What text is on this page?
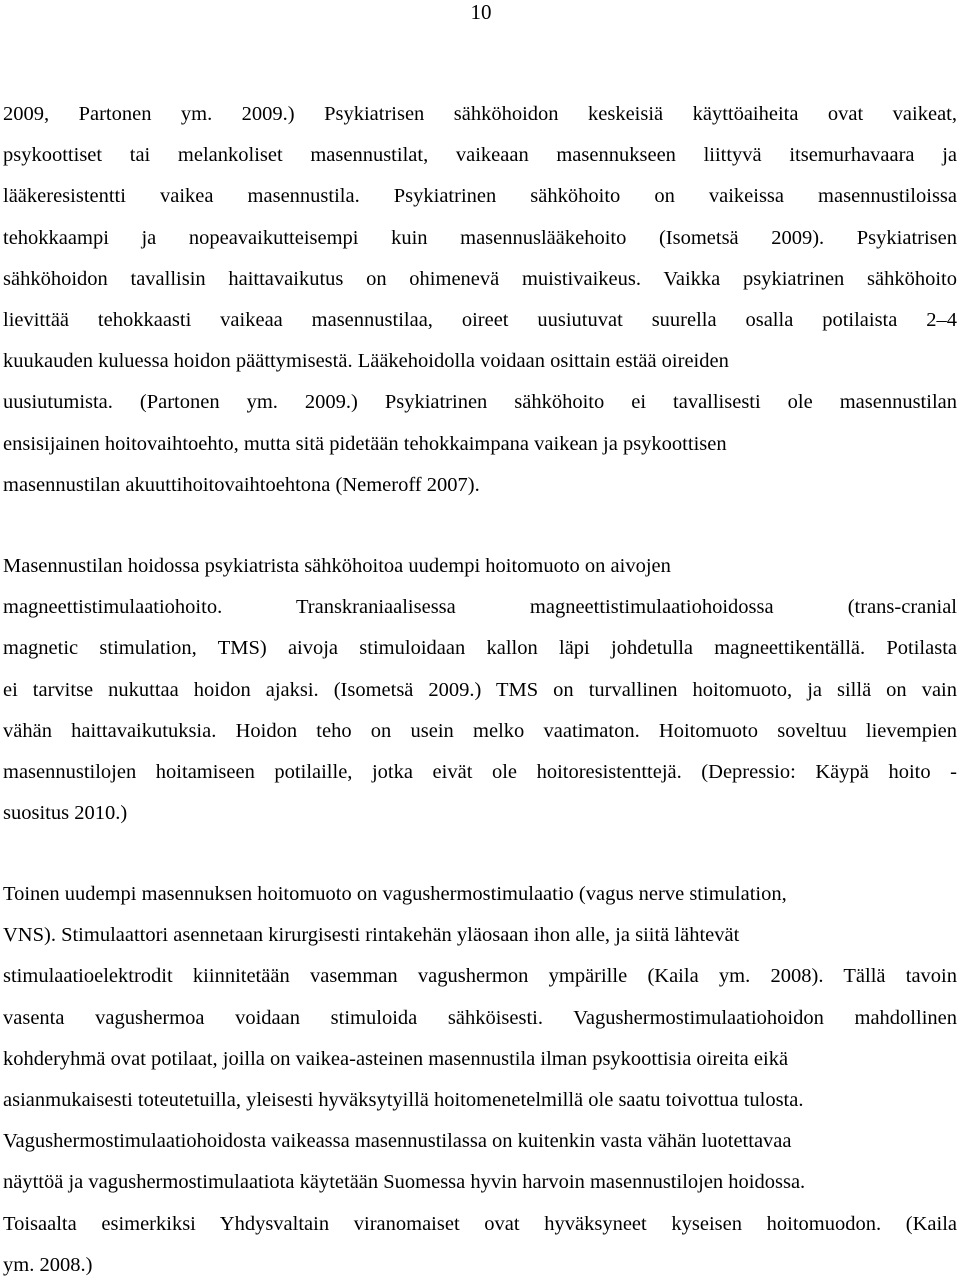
10
2009, Partonen ym. 2009.) Psykiatrisen sähköhoidon keskeisiä käyttöaiheita ovat vaikeat,
psykoottiset tai melankoliset masennustilat, vaikeaan masennukseen liittyvä itsemurhavaara ja
lääkeresistentti vaikea masennustila. Psykiatrinen sähköhoito on vaikeissa masennustiloissa
tehokkaampi ja nopeavaikutteisempi kuin masennuslääkehoito (Isometsä 2009). Psykiatrisen
sähköhoidon tavallisin haittavaikutus on ohimenevä muistivaikeus. Vaikka psykiatrinen sähköhoito
lievittää tehokkaasti vaikeaa masennustilaa, oireet uusiutuvat suurella osalla potilaista 2–4
kuukauden kuluessa hoidon päättymisestä. Lääkehoidolla voidaan osittain estää oireiden
uusiutumista. (Partonen ym. 2009.) Psykiatrinen sähköhoito ei tavallisesti ole masennustilan
ensisijainen hoitovaihtoehto, mutta sitä pidetään tehokkaimpana vaikean ja psykoottisen
masennustilan akuuttihoitovaihtoehtona (Nemeroff 2007).
Masennustilan hoidossa psykiatrista sähköhoitoa uudempi hoitomuoto on aivojen
magneettistimulaatiohoito. Transkraniaalisessa magneettistimulaatiohoidossa (trans-cranial
magnetic stimulation, TMS) aivoja stimuloidaan kallon läpi johdetulla magneettikentällä. Potilasta
ei tarvitse nukuttaa hoidon ajaksi. (Isometsä 2009.) TMS on turvallinen hoitomuoto, ja sillä on vain
vähän haittavaikutuksia. Hoidon teho on usein melko vaatimaton. Hoitomuoto soveltuu lievempien
masennustilojen hoitamiseen potilaille, jotka eivät ole hoitoresistenttejä. (Depressio: Käypä hoito -
suositus 2010.)
Toinen uudempi masennuksen hoitomuoto on vagushermostimulaatio (vagus nerve stimulation,
VNS). Stimulaattori asennetaan kirurgisesti rintakehän yläosaan ihon alle, ja siitä lähtevät
stimulaatioelektrodit kiinnitetään vasemman vagushermon ympärille (Kaila ym. 2008). Tällä tavoin
vasenta vagushermoa voidaan stimuloida sähköisesti. Vagushermostimulaatiohoidon mahdollinen
kohderyhmä ovat potilaat, joilla on vaikea-asteinen masennustila ilman psykoottisia oireita eikä
asianmukaisesti toteutetuilla, yleisesti hyväksytyillä hoitomenetelmillä ole saatu toivottua tulosta.
Vagushermostimulaatiohoidosta vaikeassa masennustilassa on kuitenkin vasta vähän luotettavaa
näyttöä ja vagushermostimulaatiota käytetään Suomessa hyvin harvoin masennustilojen hoidossa.
Toisaalta esimerkiksi Yhdysvaltain viranomaiset ovat hyväksyneet kyseisen hoitomuodon. (Kaila
ym. 2008.)
